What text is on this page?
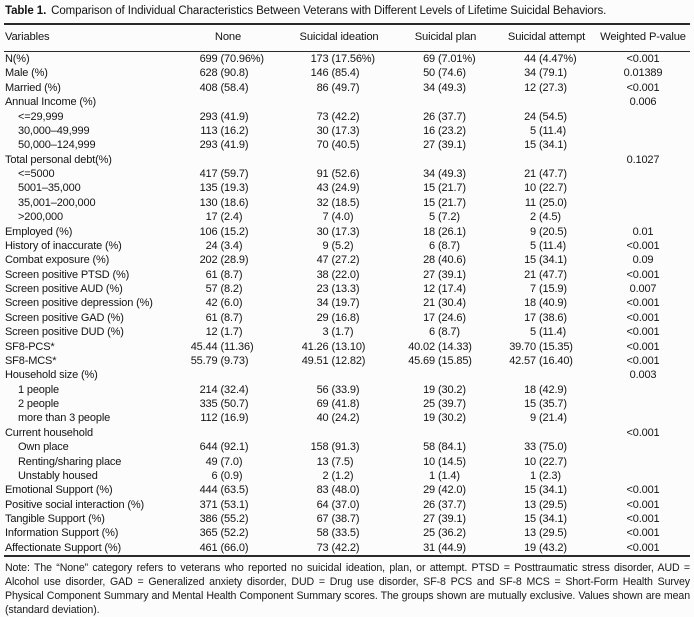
Table 1. Comparison of Individual Characteristics Between Veterans with Different Levels of Lifetime Suicidal Behaviors.
Variables	None	Suicidal ideation	Suicidal plan	Suicidal attempt	Weighted P-value
N(%)	699 (70.96%)	173 (17.56%)	69 (7.01%)	44 (4.47%)	<0.001
Male (%)	628 (90.8)	146 (85.4)	50 (74.6)	34 (79.1)	0.01389
Married (%)	408 (58.4)	86 (49.7)	34 (49.3)	12 (27.3)	<0.001
Annual Income (%)					0.006
<=29,999	293 (41.9)	73 (42.2)	26 (37.7)	24 (54.5)	
30,000–49,999	113 (16.2)	30 (17.3)	16 (23.2)	5 (11.4)	
50,000–124,999	293 (41.9)	70 (40.5)	27 (39.1)	15 (34.1)	
Total personal debt(%)					0.1027
<=5000	417 (59.7)	91 (52.6)	34 (49.3)	21 (47.7)	
5001–35,000	135 (19.3)	43 (24.9)	15 (21.7)	10 (22.7)	
35,001–200,000	130 (18.6)	32 (18.5)	15 (21.7)	11 (25.0)	
>200,000	17 (2.4)	7 (4.0)	5 (7.2)	2 (4.5)	
Employed (%)	106 (15.2)	30 (17.3)	18 (26.1)	9 (20.5)	0.01
History of inaccurate (%)	24 (3.4)	9 (5.2)	6 (8.7)	5 (11.4)	<0.001
Combat exposure (%)	202 (28.9)	47 (27.2)	28 (40.6)	15 (34.1)	0.09
Screen positive PTSD (%)	61 (8.7)	38 (22.0)	27 (39.1)	21 (47.7)	<0.001
Screen positive AUD (%)	57 (8.2)	23 (13.3)	12 (17.4)	7 (15.9)	0.007
Screen positive depression (%)	42 (6.0)	34 (19.7)	21 (30.4)	18 (40.9)	<0.001
Screen positive GAD (%)	61 (8.7)	29 (16.8)	17 (24.6)	17 (38.6)	<0.001
Screen positive DUD (%)	12 (1.7)	3 (1.7)	6 (8.7)	5 (11.4)	<0.001
SF8-PCS*	45.44 (11.36)	41.26 (13.10)	40.02 (14.33)	39.70 (15.35)	<0.001
SF8-MCS*	55.79 (9.73)	49.51 (12.82)	45.69 (15.85)	42.57 (16.40)	<0.001
Household size (%)					0.003
1 people	214 (32.4)	56 (33.9)	19 (30.2)	18 (42.9)	
2 people	335 (50.7)	69 (41.8)	25 (39.7)	15 (35.7)	
more than 3 people	112 (16.9)	40 (24.2)	19 (30.2)	9 (21.4)	
Current household					<0.001
Own place	644 (92.1)	158 (91.3)	58 (84.1)	33 (75.0)	
Renting/sharing place	49 (7.0)	13 (7.5)	10 (14.5)	10 (22.7)	
Unstably housed	6 (0.9)	2 (1.2)	1 (1.4)	1 (2.3)	
Emotional Support (%)	444 (63.5)	83 (48.0)	29 (42.0)	15 (34.1)	<0.001
Positive social interaction (%)	371 (53.1)	64 (37.0)	26 (37.7)	13 (29.5)	<0.001
Tangible Support (%)	386 (55.2)	67 (38.7)	27 (39.1)	15 (34.1)	<0.001
Information Support (%)	365 (52.2)	58 (33.5)	25 (36.2)	13 (29.5)	<0.001
Affectionate Support (%)	461 (66.0)	73 (42.2)	31 (44.9)	19 (43.2)	<0.001

Note: The “None” category refers to veterans who reported no suicidal ideation, plan, or attempt. PTSD = Posttraumatic stress disorder, AUD = Alcohol use disorder, GAD = Generalized anxiety disorder, DUD = Drug use disorder, SF-8 PCS and SF-8 MCS = Short-Form Health Survey Physical Component Summary and Mental Health Component Summary scores. The groups shown are mutually exclusive. Values shown are mean (standard deviation).
